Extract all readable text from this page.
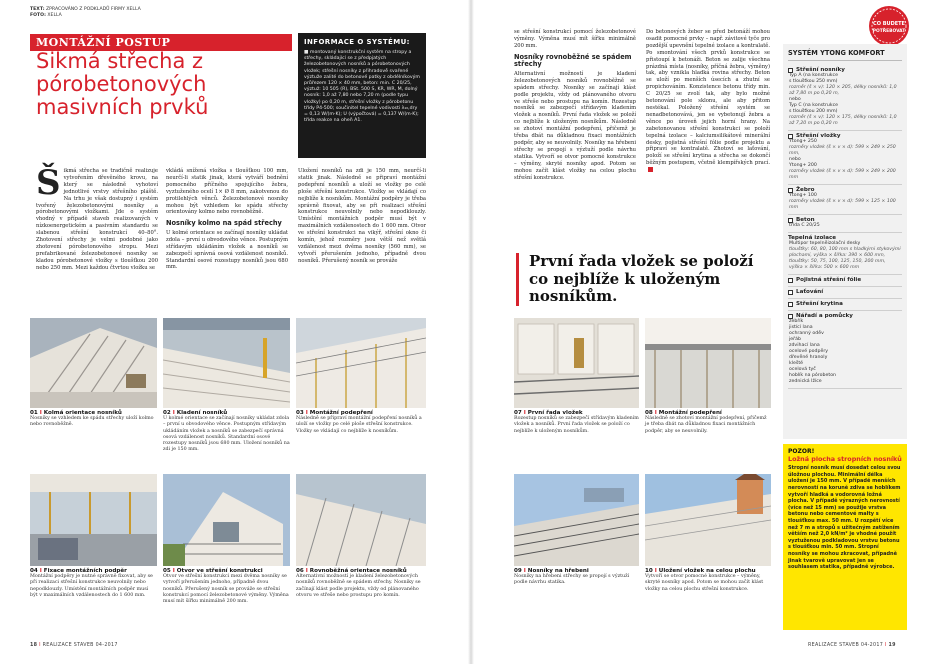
TEXT: ZPRACOVÁNO Z PODKLADŮ FIRMY XELLA
FOTO: XELLA
MONTÁŽNÍ POSTUP
Šikmá střecha z pórobetonových masivních prvků
INFORMACE O SYSTÉMU:

■ montovaný konstrukční systém na stropy a střechy, skládající se z předpjatých železobetonových nosníků a pórobetonových vložek; střešní nosníky z přihradově svařené výztuže zalité do betonové patky z obdélníkovým průřezem 120 × 40 mm, beton: min. C 20/25, výztuž: 10 505 (R), BSt. 500 S, KR, WR, M, dolný nosník: 1,0 až 7,80 nebo 7,20 m (podle typu vložky) po 0,20 m, střešní vložky z pórobetonu třídy P4-500; součinitel tepelné vodivosti λ₁₀,dry = 0,13 W/(m·K); U (výpočtová) = 0,137 W/(m·K); třída reakce na oheň A1.

Šikmá střecha se tradičně realizuje vytvořením dřevěného krovu, na který se následně vyhotoví jednotlivé vrstvy střešního pláště. Na trhu je však dostupný i systém tvořený železobetonovými nosníky a pórobetonovými vložkami. Jde o systém vhodný v případě staveb realizovaných v nízkoenergetickém a pasivním standardu se slabenou střešní konstrukcí 40–80°. Zhotovení střechy je velmi podobné jako zhotovení pórobetonového stropu. Mezi prefabrikované železobetonové nosníky se kladou pórobetonové vložky s tloušťkou 200 nebo 250 mm. Mezi každou čtvrtou vložku se
vkládá snížená vložka s tloušťkou 100 mm, neurčí-li statik jinak, která vytváří bednění pomocného příčného spojujícího žebra, vyztuženého ocelí 1× Ø 8 mm, zakotvenou do protilehlých věnců. Železobetonové nosníky mohou být vzhledem ke spádu střechy orientovány kolmo nebo rovnoběžně.
Nosníky kolmo na spád střechy
U kolmé orientace se začínají nosníky ukládat zdola – první u obvodového věnce. Postupným střídavým ukládáním vložek a nosníků se zabezpečí správná osová vzdálenost nosníků. Standardní osové rozestupy nosníků jsou 680 mm.
Uložení nosníků na zdi je 150 mm, neurčí-li statik jinak. Následně se připraví montážní podepření nosníků a uloží se vložky po celé ploše střešní konstrukce. Vložky se vkládají co nejblíže k nosníkům. Montážní podpěry je třeba správně fixovat, aby se při realizaci střešní konstrukce neuvolnily nebo nepodklouzly. Umístění montážních podpěr musí být v maximálních vzdálenostech do 1 600 mm. Otvor ve střešní konstrukci na vikýř, střešní okno či komín, jehož rozměry jsou větší než světlá vzdálenost mezi dvěma nosníky (560 mm), se vytvoří přerušením jednoho, případně dvou nosníků. Přerušený nosník se prováže
se střešní konstrukcí pomocí železobetonové výměny. Výměna musí mít šířku minimálně 200 mm.
Nosníky rovnoběžné se spádem střechy
Alternativní možností je kladení železobetonových nosníků rovnoběžně se spádem střechy. Nosníky se začínají klást podle projektu, vždy od plánovaného otvoru ve střeše nebo prostupu na komín. Rozestup nosníků se zabezpečí střídavým kladením vložek a nosníků. První řada vložek se položí co nejblíže k uloženým nosníkům. Následně se zhotoví montážní podepření, přičemž je třeba dbát na důkladnou fixaci montážních podpěr, aby se neuvolnily. Nosníky na hřebeni střechy se propojí s výztuží podle návrhu statika. Vytvoří se otvor pomocné konstrukce – výměny, skryté nosníky apod. Potom se mohou začít klást vložky na celou plochu střešní konstrukce.
Do betonových žeber se před betonáží mohou osadit pomocné prvky – např. závitové tyče pro pozdější upevnění tepelné izolace a kontralatě. Po smontování všech prvků konstrukce se přistoupí k betonáži. Beton se zalije všechna prázdná místa (nosníky, příčná žebra, výměny) tak, aby vznikla hladká rovina střechy. Beton se uloží po menších úsecích a zhutní se propichováním. Konzistence betonu třídy min. C 20/25 se zvolí tak, aby bylo možné betonování pole sklonu, ale aby přitom nestékal. Položený střešní systém se nenadbetonovává, jen se vybetonují žebra a věnce po úroveň jejich horní hrany. Na zabetonovanou střešní konstrukci se položí tepelná izolace – kalciumsilikátové minerální desky, pojistná střešní fólie podle projektu a připraví se kontralatě. Zhotoví se laťování, položí se střešní krytina a střecha se dokončí běžným postupem, včetně klempířských prací.
První řada vložek se položí co nejblíže k uloženým nosníkům.
01 I Kolmá orientace nosníků
Nosníky se vzhledem ke spádu střechy uloží kolmo nebo rovnoběžně.
02 I Kladení nosníků
U kolmé orientace se začínají nosníky ukládat zdola – první u obvodového věnce. Postupným střídavým ukládáním vložek a nosníků se zabezpečí správná osová vzdálenost nosníků. Standardní osové rozestupy nosníků jsou 680 mm. Uložení nosníků na zdi je 150 mm.
03 I Montážní podepření
Následně se připraví montážní podepření nosníků a uloží se vložky po celé ploše střešní konstrukce. Vložky se vkládají co nejblíže k nosníkům.
04 I Fixace montážních podpěr
Montážní podpěry je nutné správně fixovat, aby se při realizaci střešní konstrukce neuvolnily nebo nepodklouzly. Umístění montážních podpěr musí být v maximálních vzdálenostech do 1 600 mm.
05 I Otvor ve střešní konstrukci
Otvor ve střešní konstrukci mezi dvěma nosníky se vytvoří přerušením jednoho, případně dvou nosníků. Přerušený nosník se prováže se střešní konstrukcí pomocí železobetonové výměny. Výměna musí mít šířku minimálně 200 mm.
06 I Rovnoběžná orientace nosníků
Alternativní možností je kladení železobetonových nosníků rovnoběžně se spádem střechy. Nosníky se začínají klást podle projektu, vždy od plánovaného otvoru ve střeše nebo prostupu pro komín.
07 I První řada vložek
Rozestup nosníků se zabezpečí střídavým kladením vložek a nosníků. První řada vložek se položí co nejblíže k uloženým nosníkům.
08 I Montážní podepření
Následně se zhotoví montážní podepření, přičemž je třeba dbát na důkladnou fixaci montážních podpěr, aby se neuvolnily.
09 I Nosníky na hřebeni
Nosníky na hřebeni střechy se propojí s výztuží podle návrhu statika.
10 I Uložení vložek na celou plochu
Vytvoří se otvor pomocné konstrukce – výměny, skryté nosníky apod. Potom se mohou začít klást vložky na celou plochu střešní konstrukce.
CO BUDETE
POTŘEBOVAT
SYSTÉM YTONG KOMFORT
Střešní nosníky
Typ A (na konstrukce
s tloušťkou 250 mm)
rozměr (š × v): 120 × 205, délky nosníků: 1,0 až 7,80 m po 0,20 m,
nebo
Typ C (na konstrukce
s tloušťkou 200 mm)
rozměr (š × v): 120 × 175, délky nosníků: 1,0 až 7,20 m po 0,20 m
Střešní vložky
Ytong+ 250
rozměry vložek (š × v × d): 599 × 249 × 250 mm,
nebo
Ytong+ 200
rozměry vložek (š × v × d): 599 × 249 × 200 mm
Žebro
Ytong+ 100
rozměry vložek (š × v × d): 599 × 125 × 100 mm
Beton
třída C 20/25
Tepelná izolace
Multipor tepelněizolační desky
tloušťky: 60, 80, 100 mm s hladkými stykovými plochami, výška × šířka: 390 × 600 mm,
tloušťky: 50, 75, 100, 125, 150, 200 mm,
výška × šířka: 500 × 600 mm
Pojistná střešní fólie
Laťování
Střešní krytina
Nářadí a pomůcky
žebřík
jistící lana
ochranný oděv
jeřáb
zdvihací lana
ocelové podpěry
dřevěné hranoly
klešté
ocelová tyč
hoblík na pórobeton
zednická lžíce
POZOR!
Ložná plocha stropních nosníků

Stropní nosník musí dosedat celou svou úložnou plochou. Minimální délka uložení je 150 mm. V případě menších nerovností na koruně zdiva se hoblíkem vytvoří hladká a vodorovná ložná plocha. V případě výrazných nerovností (více než 15 mm) se použije vrstva betonu nebo cementové malty s tloušťkou max. 50 mm. U rozpětí více než 7 m a stropů s užitečným zatížením větším než 2,0 kN/m² je vhodné použít vyztuženou podkladovou vrstvu betonu s tloušťkou min. 50 mm. Stropní nosníky se mohou zkracovat, případně jinak tvarově upravovat jen se souhlasem statika, případně výrobce.

18 I REALIZACE STAVEB 04-2017	REALIZACE STAVEB 04-2017 I 19
